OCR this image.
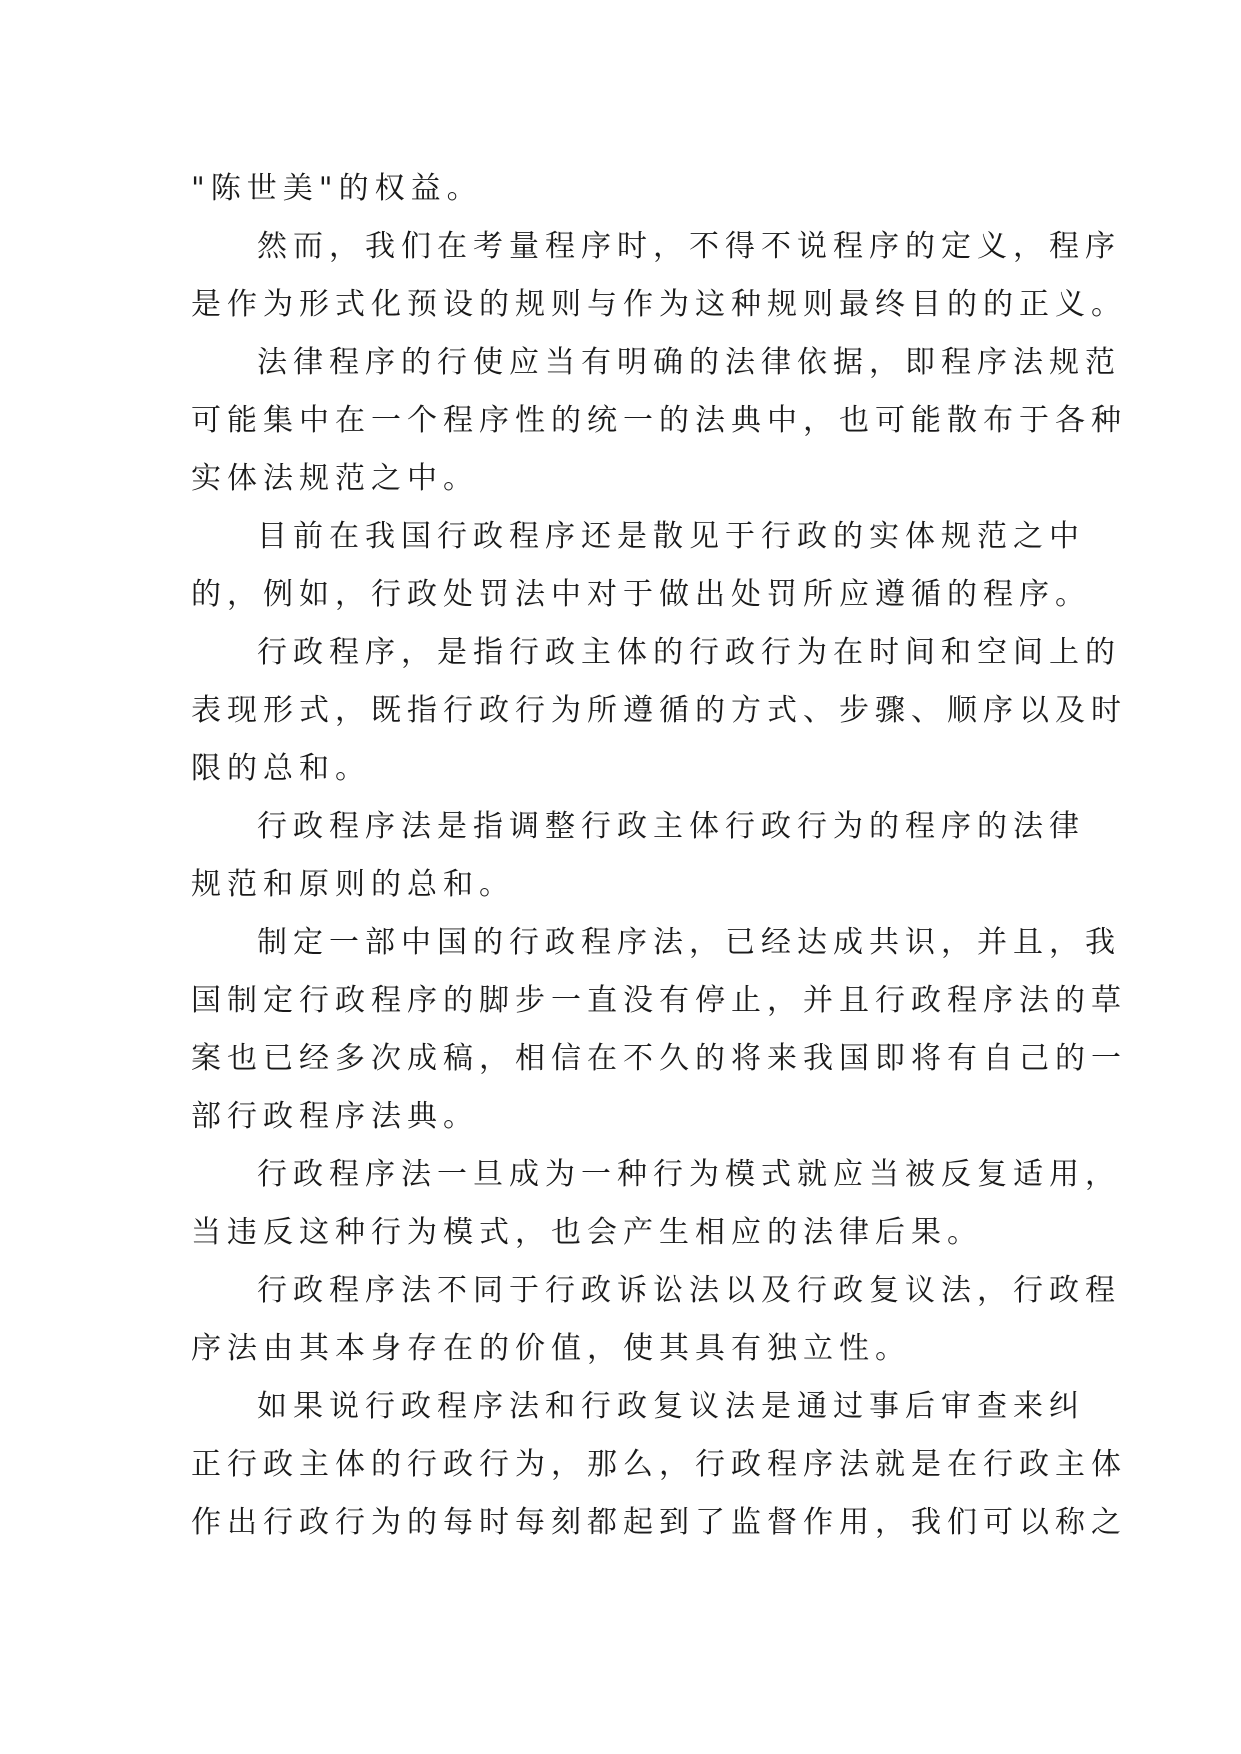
"陈世美"的权益。
然而，我们在考量程序时，不得不说程序的定义，程序
是作为形式化预设的规则与作为这种规则最终目的的正义。
法律程序的行使应当有明确的法律依据，即程序法规范
可能集中在一个程序性的统一的法典中，也可能散布于各种
实体法规范之中。
目前在我国行政程序还是散见于行政的实体规范之中
的，例如，行政处罚法中对于做出处罚所应遵循的程序。
行政程序，是指行政主体的行政行为在时间和空间上的
表现形式，既指行政行为所遵循的方式、步骤、顺序以及时
限的总和。
行政程序法是指调整行政主体行政行为的程序的法律
规范和原则的总和。
制定一部中国的行政程序法，已经达成共识，并且，我
国制定行政程序的脚步一直没有停止，并且行政程序法的草
案也已经多次成稿，相信在不久的将来我国即将有自己的一
部行政程序法典。
行政程序法一旦成为一种行为模式就应当被反复适用，
当违反这种行为模式，也会产生相应的法律后果。
行政程序法不同于行政诉讼法以及行政复议法，行政程
序法由其本身存在的价值，使其具有独立性。
如果说行政程序法和行政复议法是通过事后审查来纠
正行政主体的行政行为，那么，行政程序法就是在行政主体
作出行政行为的每时每刻都起到了监督作用，我们可以称之
